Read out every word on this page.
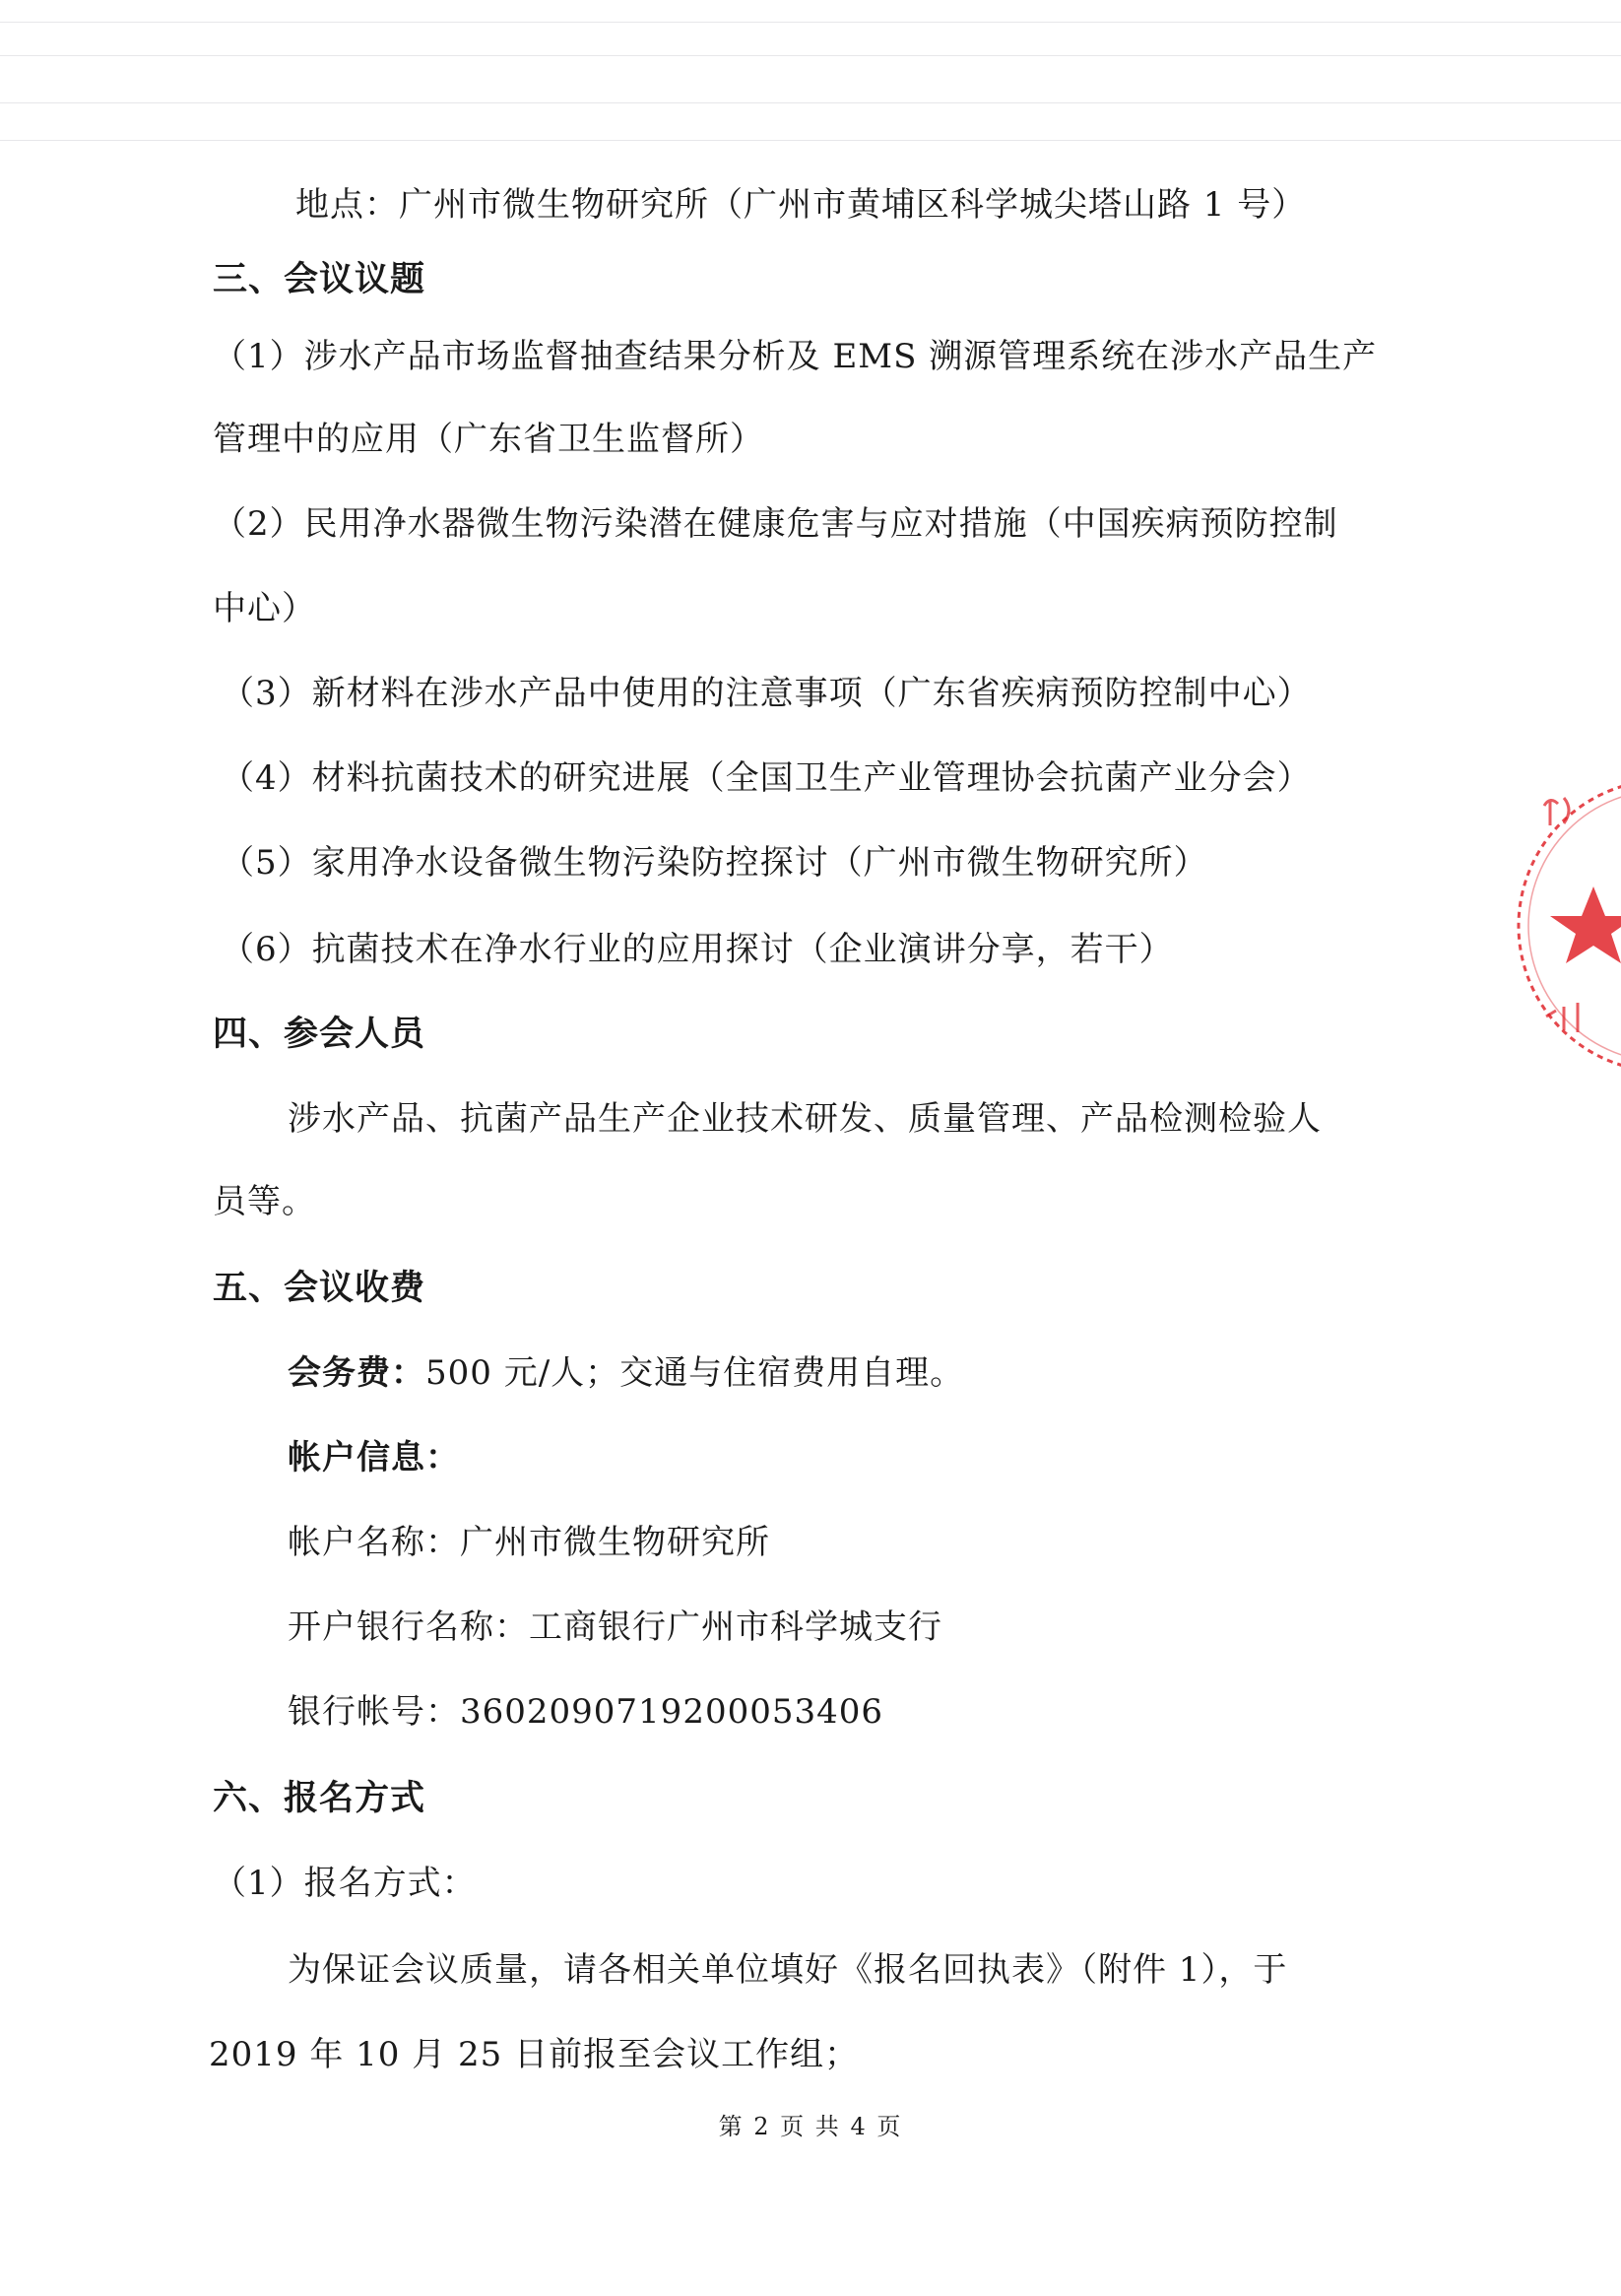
地点：广州市微生物研究所（广州市黄埔区科学城尖塔山路 1 号）
三、会议议题
（1）涉水产品市场监督抽查结果分析及 EMS 溯源管理系统在涉水产品生产
管理中的应用（广东省卫生监督所）
（2）民用净水器微生物污染潜在健康危害与应对措施（中国疾病预防控制
中心）
（3）新材料在涉水产品中使用的注意事项（广东省疾病预防控制中心）
（4）材料抗菌技术的研究进展（全国卫生产业管理协会抗菌产业分会）
（5）家用净水设备微生物污染防控探讨（广州市微生物研究所）
（6）抗菌技术在净水行业的应用探讨（企业演讲分享，若干）
四、参会人员
涉水产品、抗菌产品生产企业技术研发、质量管理、产品检测检验人
员等。
五、会议收费
会务费：500 元/人；交通与住宿费用自理。
帐户信息：
帐户名称：广州市微生物研究所
开户银行名称：工商银行广州市科学城支行
银行帐号：3602090719200053406
六、报名方式
（1）报名方式：
为保证会议质量，请各相关单位填好《报名回执表》（附件 1），于
2019 年 10 月 25 日前报至会议工作组；
第 2 页 共 4 页
